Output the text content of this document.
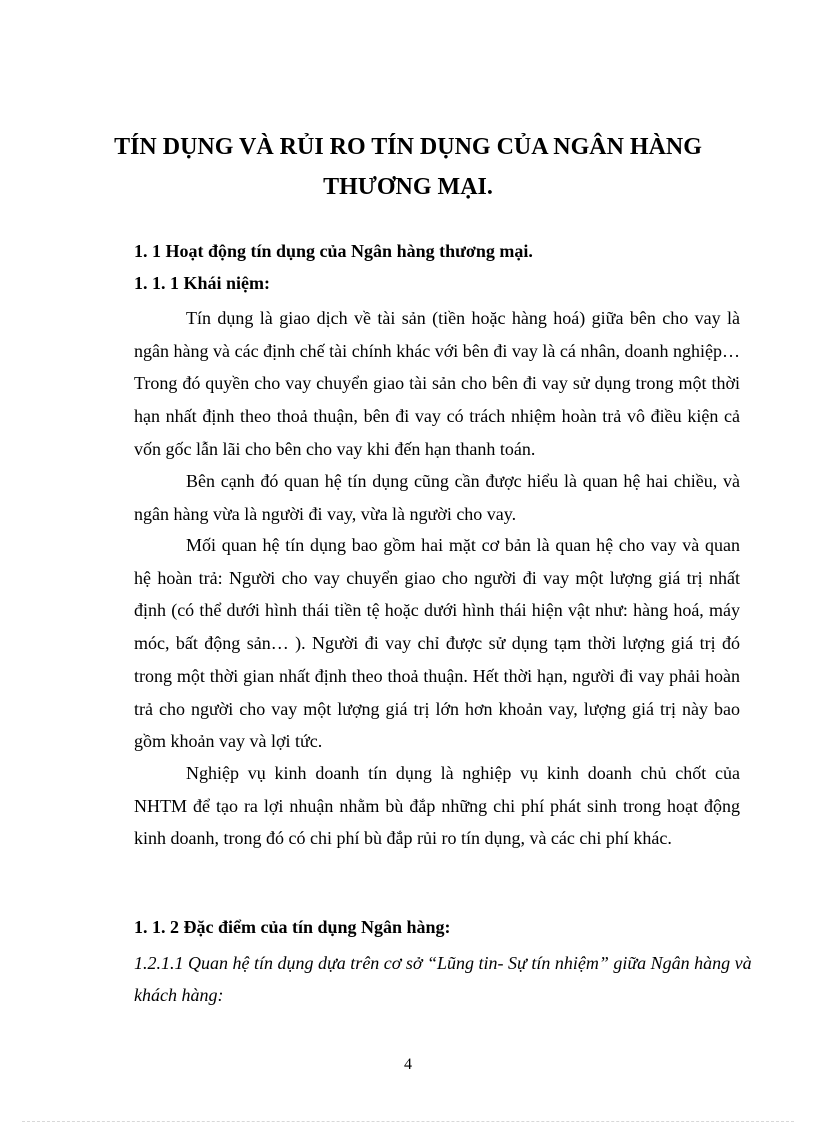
TÍN DỤNG VÀ RỦI RO TÍN DỤNG CỦA NGÂN HÀNG THƯƠNG MẠI.
1. 1 Hoạt động tín dụng của Ngân hàng thương mại.
1. 1. 1 Khái niệm:

Tín dụng là giao dịch về tài sản (tiền hoặc hàng hoá) giữa bên cho vay là ngân hàng và các định chế tài chính khác với bên đi vay là cá nhân, doanh nghiệp…Trong đó quyền cho vay chuyển giao tài sản cho bên đi vay sử dụng trong một thời hạn nhất định theo thoả thuận, bên đi vay có trách nhiệm hoàn trả vô điều kiện cả vốn gốc lẫn lãi cho bên cho vay khi đến hạn thanh toán.

Bên cạnh đó quan hệ tín dụng cũng cần được hiểu là quan hệ hai chiều, và ngân hàng vừa là người đi vay, vừa là người cho vay.

Mối quan hệ tín dụng bao gồm hai mặt cơ bản là quan hệ cho vay và quan hệ hoàn trả: Người cho vay chuyển giao cho người đi vay một lượng giá trị nhất định (có thể dưới hình thái tiền tệ hoặc dưới hình thái hiện vật như: hàng hoá, máy móc, bất động sản… ). Người đi vay chỉ được sử dụng tạm thời lượng giá trị đó trong một thời gian nhất định theo thoả thuận. Hết thời hạn, người đi vay phải hoàn trả cho người cho vay một lượng giá trị lớn hơn khoản vay, lượng giá trị này bao gồm khoản vay và lợi tức.

Nghiệp vụ kinh doanh tín dụng là nghiệp vụ kinh doanh chủ chốt của NHTM để tạo ra lợi nhuận nhằm bù đắp những chi phí phát sinh trong hoạt động kinh doanh, trong đó có chi phí bù đắp rủi ro tín dụng, và các chi phí khác.

1. 1. 2 Đặc điểm của tín dụng Ngân hàng:

1.2.1.1 Quan hệ tín dụng dựa trên cơ sở “Lũng tin- Sự tín nhiệm” giữa Ngân hàng và khách hàng:

4
